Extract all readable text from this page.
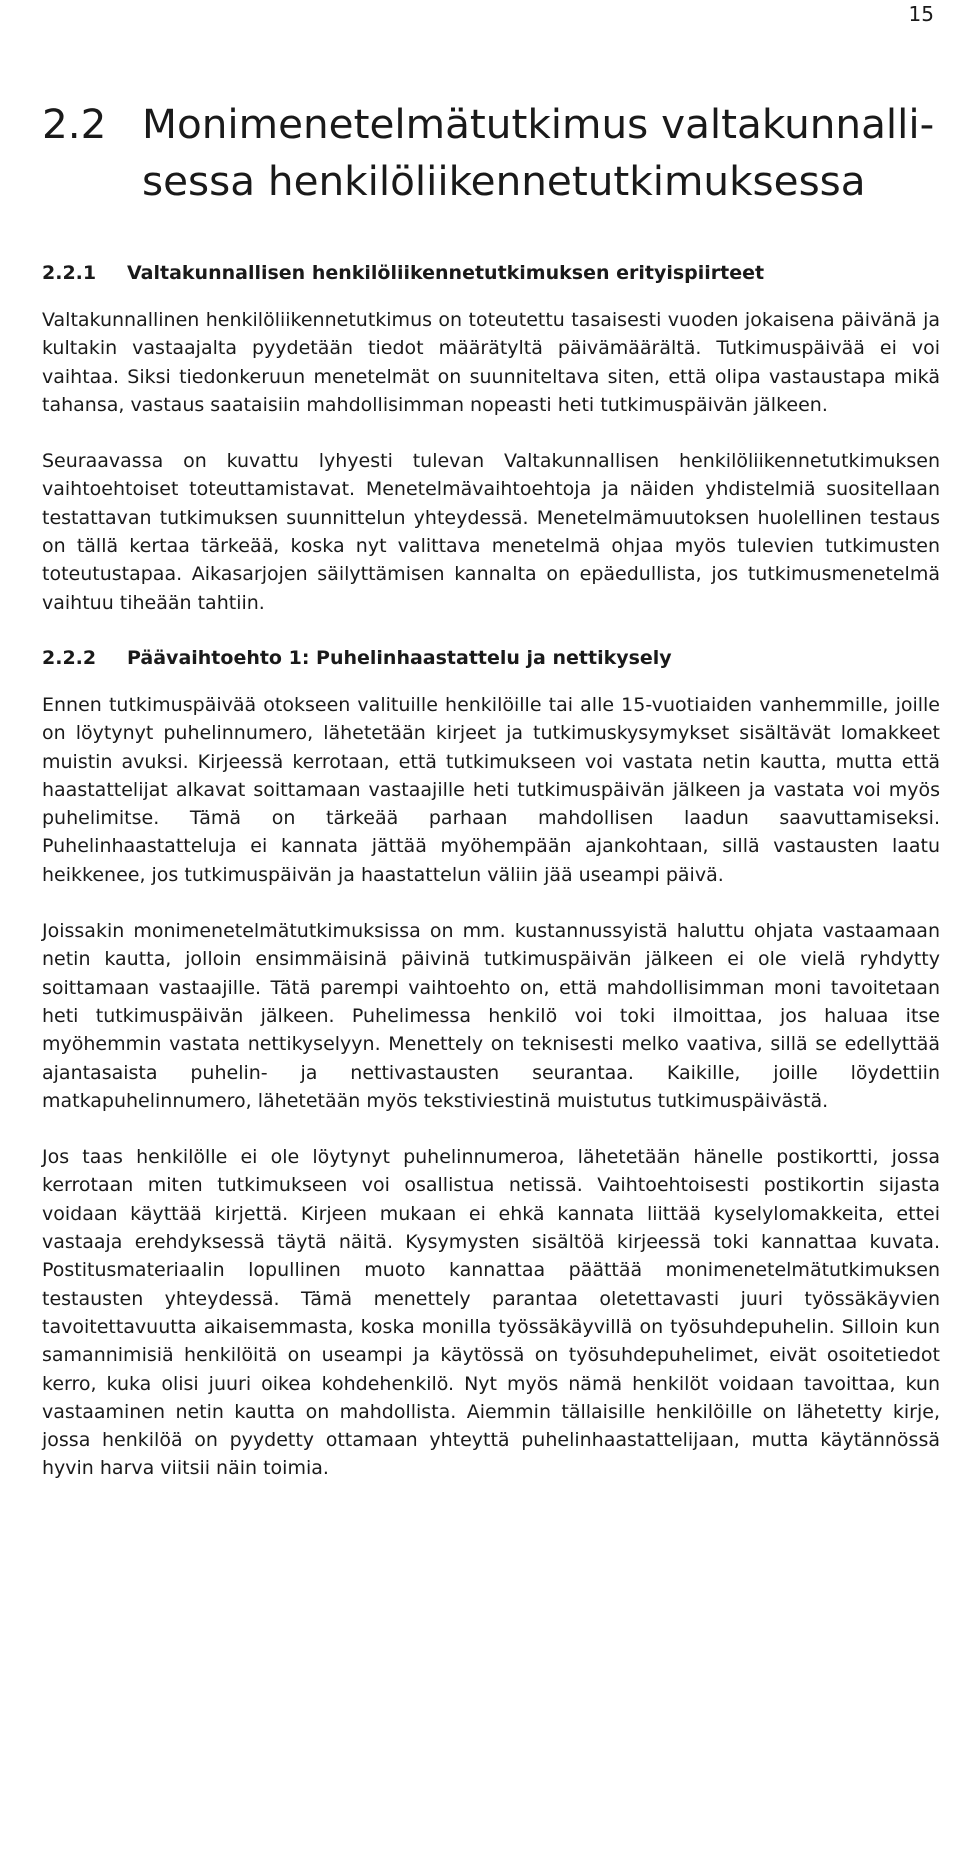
15
2.2 Monimenetelmätutkimus valtakunnallisessa henkilöliikennetutkimuksessa
2.2.1	Valtakunnallisen henkilöliikennetutkimuksen erityispiirteet

Valtakunnallinen henkilöliikennetutkimus on toteutettu tasaisesti vuoden jokaisena päivänä ja kultakin vastaajalta pyydetään tiedot määrätyltä päivämäärältä. Tutkimuspäivää ei voi vaihtaa. Siksi tiedonkeruun menetelmät on suunniteltava siten, että olipa vastaustapa mikä tahansa, vastaus saataisiin mahdollisimman nopeasti heti tutkimuspäivän jälkeen.

Seuraavassa on kuvattu lyhyesti tulevan Valtakunnallisen henkilöliikennetutkimuksen vaihtoehtoiset toteuttamistavat. Menetelmävaihtoehtoja ja näiden yhdistelmiä suositellaan testattavan tutkimuksen suunnittelun yhteydessä. Menetelmämuutoksen huolellinen testaus on tällä kertaa tärkeää, koska nyt valittava menetelmä ohjaa myös tulevien tutkimusten toteutustapaa. Aikasarjojen säilyttämisen kannalta on epäedullista, jos tutkimusmenetelmä vaihtuu tiheään tahtiin.

2.2.2	Päävaihtoehto 1: Puhelinhaastattelu ja nettikysely

Ennen tutkimuspäivää otokseen valituille henkilöille tai alle 15-vuotiaiden vanhemmille, joille on löytynyt puhelinnumero, lähetetään kirjeet ja tutkimuskysymykset sisältävät lomakkeet muistin avuksi. Kirjeessä kerrotaan, että tutkimukseen voi vastata netin kautta, mutta että haastattelijat alkavat soittamaan vastaajille heti tutkimuspäivän jälkeen ja vastata voi myös puhelimitse. Tämä on tärkeää parhaan mahdollisen laadun saavuttamiseksi. Puhelinhaastatteluja ei kannata jättää myöhempään ajankohtaan, sillä vastausten laatu heikkenee, jos tutkimuspäivän ja haastattelun väliin jää useampi päivä.

Joissakin monimenetelmätutkimuksissa on mm. kustannussyistä haluttu ohjata vastaamaan netin kautta, jolloin ensimmäisinä päivinä tutkimuspäivän jälkeen ei ole vielä ryhdytty soittamaan vastaajille. Tätä parempi vaihtoehto on, että mahdollisimman moni tavoitetaan heti tutkimuspäivän jälkeen. Puhelimessa henkilö voi toki ilmoittaa, jos haluaa itse myöhemmin vastata nettikyselyyn. Menettely on teknisesti melko vaativa, sillä se edellyttää ajantasaista puhelin- ja nettivastausten seurantaa. Kaikille, joille löydettiin matkapuhelinnumero, lähetetään myös tekstiviestinä muistutus tutkimuspäivästä.

Jos taas henkilölle ei ole löytynyt puhelinnumeroa, lähetetään hänelle postikortti, jossa kerrotaan miten tutkimukseen voi osallistua netissä. Vaihtoehtoisesti postikortin sijasta voidaan käyttää kirjettä. Kirjeen mukaan ei ehkä kannata liittää kyselylomakkeita, ettei vastaaja erehdyksessä täytä näitä. Kysymysten sisältöä kirjeessä toki kannattaa kuvata. Postitusmateriaalin lopullinen muoto kannattaa päättää monimenetelmätutkimuksen testausten yhteydessä. Tämä menettely parantaa oletettavasti juuri työssäkäyvien tavoitettavuutta aikaisemmasta, koska monilla työssäkäyvillä on työsuhdepuhelin. Silloin kun samannimisiä henkilöitä on useampi ja käytössä on työsuhdepuhelimet, eivät osoitetiedot kerro, kuka olisi juuri oikea kohdehenkilö. Nyt myös nämä henkilöt voidaan tavoittaa, kun vastaaminen netin kautta on mahdollista. Aiemmin tällaisille henkilöille on lähetetty kirje, jossa henkilöä on pyydetty ottamaan yhteyttä puhelinhaastattelijaan, mutta käytännössä hyvin harva viitsii näin toimia.
